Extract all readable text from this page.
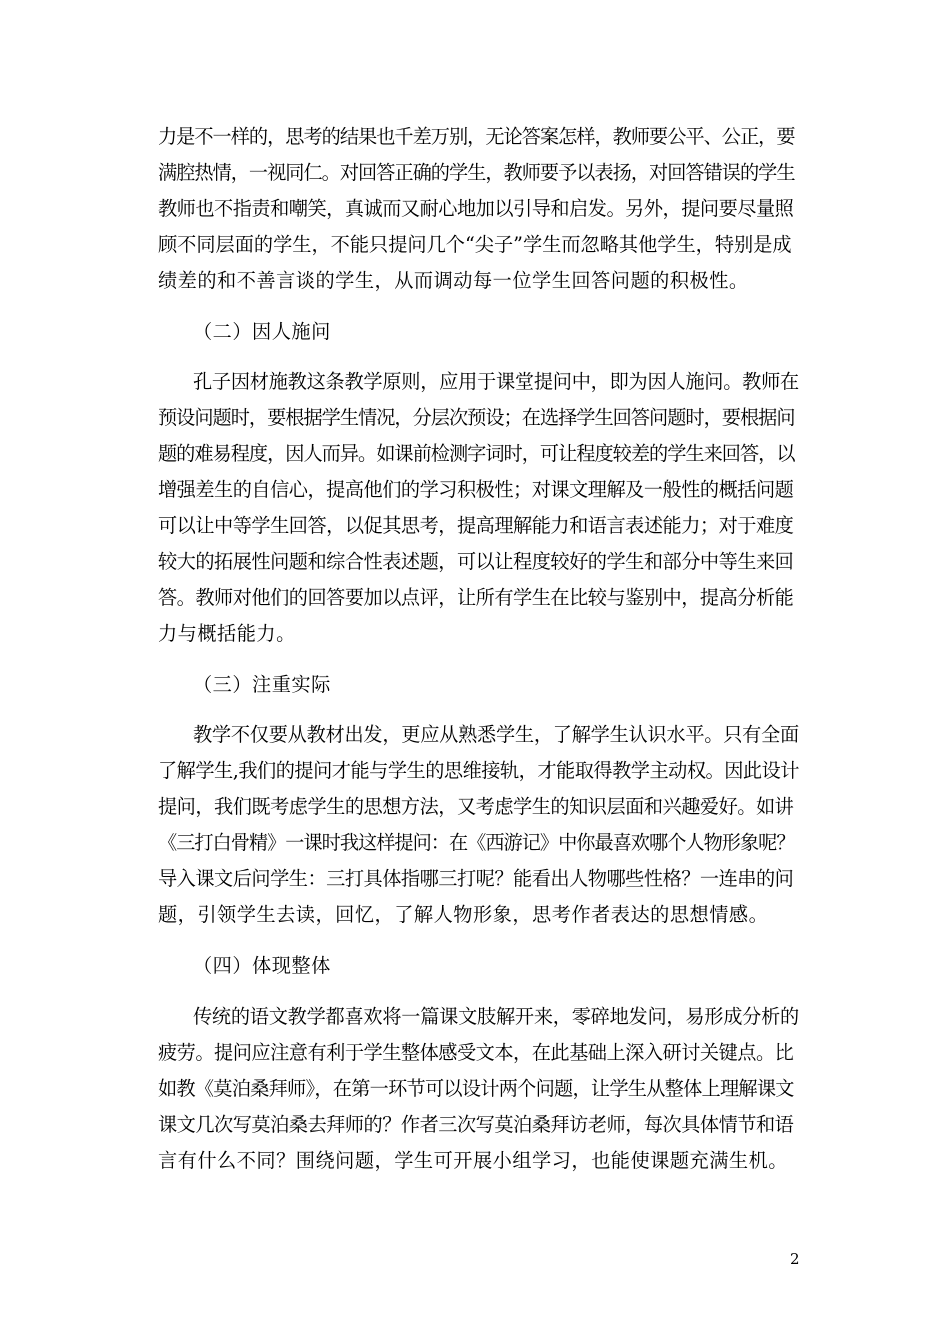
力是不一样的，思考的结果也千差万别，无论答案怎样，教师要公平、公正，要
满腔热情，一视同仁。对回答正确的学生，教师要予以表扬，对回答错误的学生
教师也不指责和嘲笑，真诚而又耐心地加以引导和启发。另外，提问要尽量照
顾不同层面的学生，不能只提问几个“尖子”学生而忽略其他学生，特别是成
绩差的和不善言谈的学生，从而调动每一位学生回答问题的积极性。
（二）因人施问
孔子因材施教这条教学原则，应用于课堂提问中，即为因人施问。教师在
预设问题时，要根据学生情况，分层次预设；在选择学生回答问题时，要根据问
题的难易程度，因人而异。如课前检测字词时，可让程度较差的学生来回答，以
增强差生的自信心，提高他们的学习积极性；对课文理解及一般性的概括问题
可以让中等学生回答，以促其思考，提高理解能力和语言表述能力；对于难度
较大的拓展性问题和综合性表述题，可以让程度较好的学生和部分中等生来回
答。教师对他们的回答要加以点评，让所有学生在比较与鉴别中，提高分析能
力与概括能力。
（三）注重实际
教学不仅要从教材出发，更应从熟悉学生，了解学生认识水平。只有全面
了解学生,我们的提问才能与学生的思维接轨，才能取得教学主动权。因此设计
提问，我们既考虑学生的思想方法，又考虑学生的知识层面和兴趣爱好。如讲
《三打白骨精》一课时我这样提问：在《西游记》中你最喜欢哪个人物形象呢？
导入课文后问学生：三打具体指哪三打呢？能看出人物哪些性格？一连串的问
题，引领学生去读，回忆，了解人物形象，思考作者表达的思想情感。
（四）体现整体
传统的语文教学都喜欢将一篇课文肢解开来，零碎地发问，易形成分析的
疲劳。提问应注意有利于学生整体感受文本，在此基础上深入研讨关键点。比
如教《莫泊桑拜师》，在第一环节可以设计两个问题，让学生从整体上理解课文
课文几次写莫泊桑去拜师的？作者三次写莫泊桑拜访老师，每次具体情节和语
言有什么不同？围绕问题，学生可开展小组学习，也能使课题充满生机。
2
